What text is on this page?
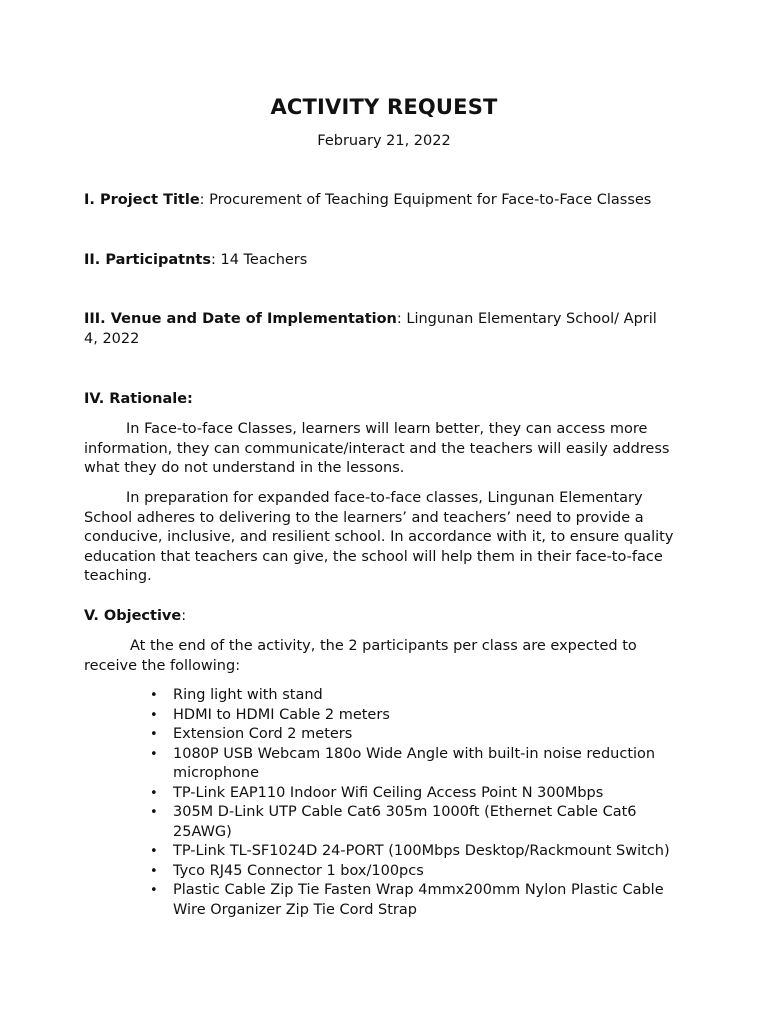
ACTIVITY REQUEST
February 21, 2022
I. Project Title: Procurement of Teaching Equipment for Face-to-Face Classes
II. Participatnts: 14 Teachers
III. Venue and Date of Implementation: Lingunan Elementary School/ April 4, 2022
IV. Rationale:
In Face-to-face Classes, learners will learn better, they can access more information, they can communicate/interact and the teachers will easily address what they do not understand in the lessons.
In preparation for expanded face-to-face classes, Lingunan Elementary School adheres to delivering to the learners’ and teachers’ need to provide a conducive, inclusive, and resilient school. In accordance with it, to ensure quality education that teachers can give, the school will help them in their face-to-face teaching.
V. Objective:
At the end of the activity, the 2 participants per class are expected to receive the following:
• Ring light with stand
• HDMI to HDMI Cable 2 meters
• Extension Cord 2 meters
• 1080P USB Webcam 180o Wide Angle with built-in noise reduction microphone
• TP-Link EAP110 Indoor Wifi Ceiling Access Point N 300Mbps
• 305M D-Link UTP Cable Cat6 305m 1000ft (Ethernet Cable Cat6 25AWG)
• TP-Link TL-SF1024D 24-PORT (100Mbps Desktop/Rackmount Switch)
• Tyco RJ45 Connector 1 box/100pcs
• Plastic Cable Zip Tie Fasten Wrap 4mmx200mm Nylon Plastic Cable Wire Organizer Zip Tie Cord Strap
